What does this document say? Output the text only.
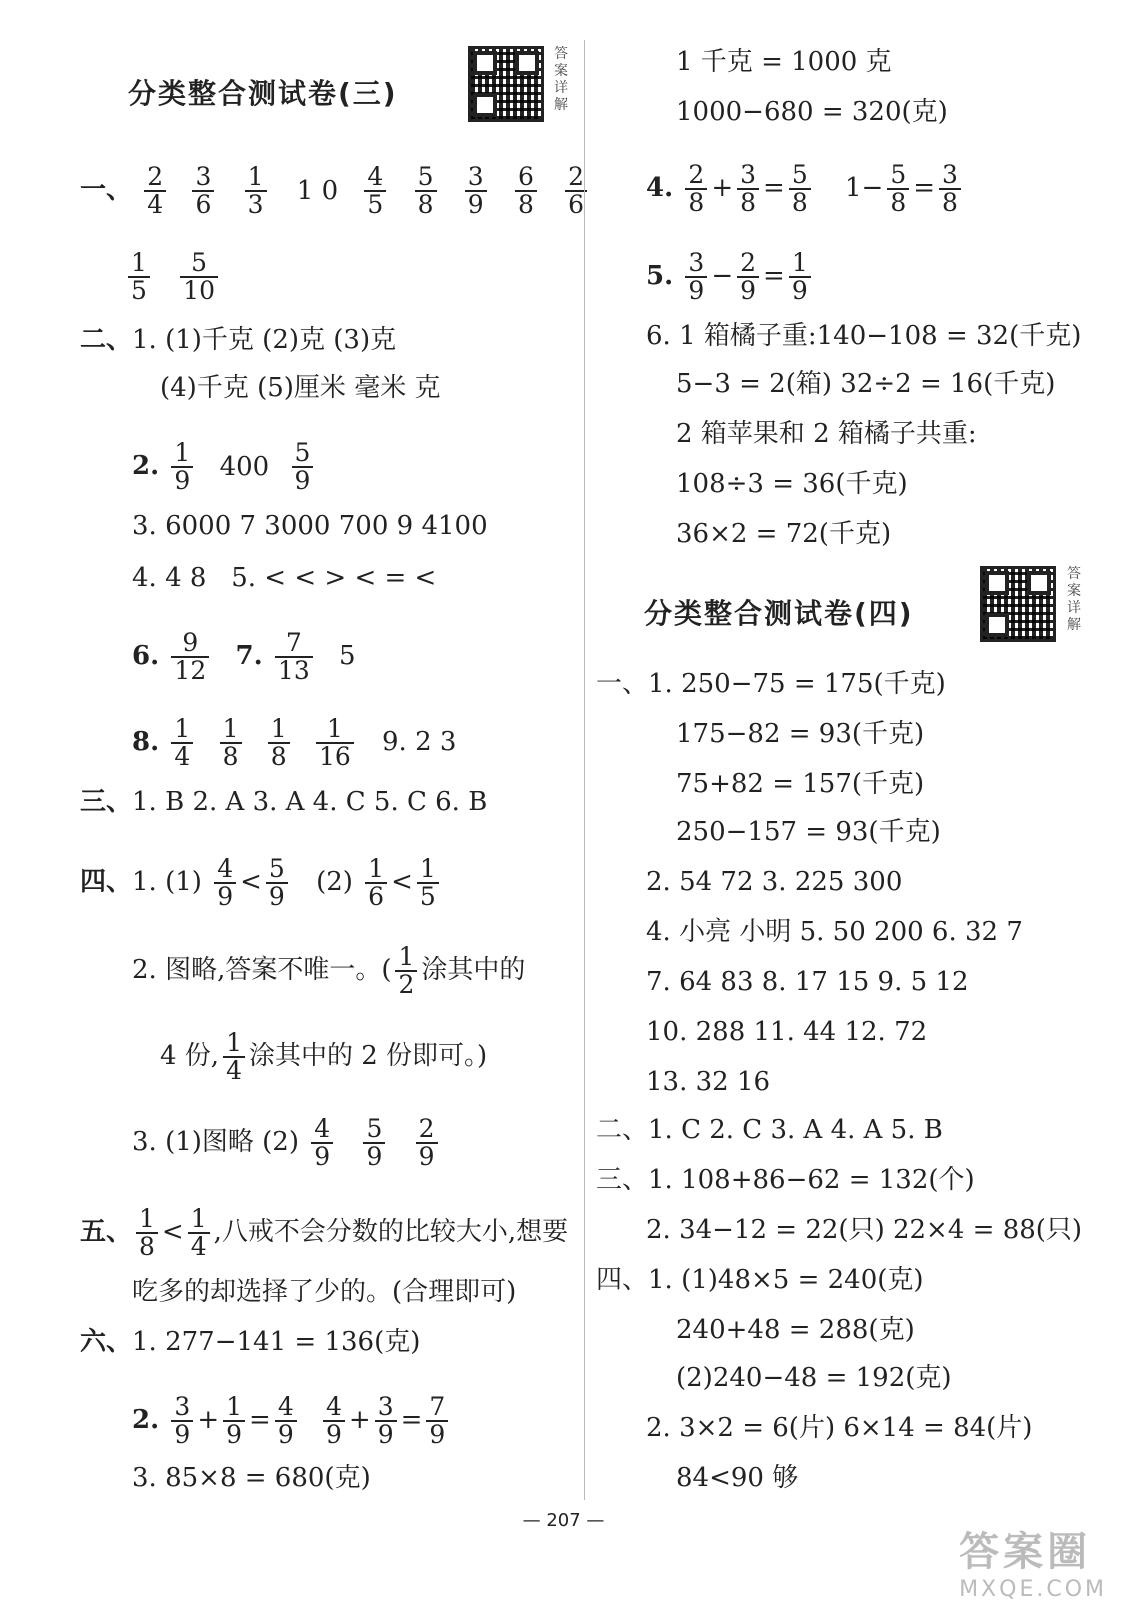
分类整合测试卷(三)
答案详解
一、 $\frac{2}{4}$
$\frac{3}{6}$
$\frac{1}{3} 1$ $0 \frac{4}{5}$
$\frac{5}{8}$
$\frac{3}{9}$
$\frac{6}{8}$
$\frac{2}{6}$
$\frac{1}{5}$
$\frac{5}{10}$
二、1. (1)千克 (2)克 (3)克
(4)千克 (5)厘米 毫米 克
2. $\frac{1}{9} 400 \frac{5}{9}$
3. 6000 7 3000 700 9 4100
4. 4 8 5. < < > < = <
6. $\frac{9}{12} 7$. $\frac{7}{13} 5$
8. $\frac{1}{4}$
$\frac{1}{8}$
$\frac{1}{8}$
$\frac{1}{16} 9$. 2 3
三、1. B 2. A 3. A 4. C 5. C 6. B
四、1. $(1) \frac{4}{9} < \frac{5}{9} (2) \frac{1}{6} < \frac{1}{5}$
2. 图略,答案不唯一。( $\frac{1}{2}$ 涂其中的
4 份, $\frac{1}{4}$ 涂其中的 2 份即可。)
3. (1)图略 $(2) \frac{4}{9}$
$\frac{5}{9}$
$\frac{2}{9}$
五、 $\frac{1}{8} < \frac{1}{4}$ ,八戒不会分数的比较大小,想要
吃多的却选择了少的。(合理即可)
六、1. 277−141 = 136(克)
2. $\frac{3}{9} + \frac{1}{9} = \frac{4}{9}$
$\frac{4}{9} + \frac{3}{9} = \frac{7}{9}$
3. 85×8 = 680(克)
1 千克 = 1000 克
1000−680 = 320(克)
4. $\frac{2}{8} + \frac{3}{8} = \frac{5}{8} 1- \frac{5}{8} = \frac{3}{8}$
5. $\frac{3}{9} - \frac{2}{9} = \frac{1}{9}$
6. 1 箱橘子重:140−108 = 32(千克)
5−3 = 2(箱) 32÷2 = 16(千克)
2 箱苹果和 2 箱橘子共重:
108÷3 = 36(千克)
36×2 = 72(千克)
分类整合测试卷(四)
答案详解
一、1. 250−75 = 175(千克)
175−82 = 93(千克)
75+82 = 157(千克)
250−157 = 93(千克)
2. 54 72 3. 225 300
4. 小亮 小明 5. 50 200 6. 32 7
7. 64 83 8. 17 15 9. 5 12
10. 288 11. 44 12. 72
13. 32 16
二、1. C 2. C 3. A 4. A 5. B
三、1. 108+86−62 = 132(个)
2. 34−12 = 22(只) 22×4 = 88(只)
四、1. (1)48×5 = 240(克)
240+48 = 288(克)
(2)240−48 = 192(克)
2. 3×2 = 6(片) 6×14 = 84(片)
84<90 够
— 207 —
答案圈
MXQE.COM
